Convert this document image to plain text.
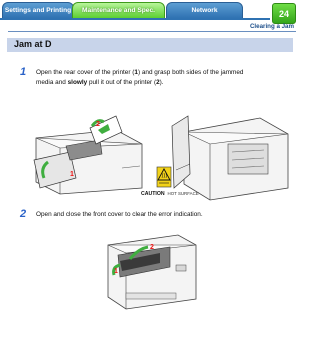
Settings and Printing	Maintenance and Spec.	Network	24
Clearing a Jam
Jam at D
1 Open the rear cover of the printer (1) and grasp both sides of the jammed
media and slowly pull it out of the printer (2).
2
1
CAUTION HOT SURFACE
2 Open and close the front cover to clear the error indication.
2
1
